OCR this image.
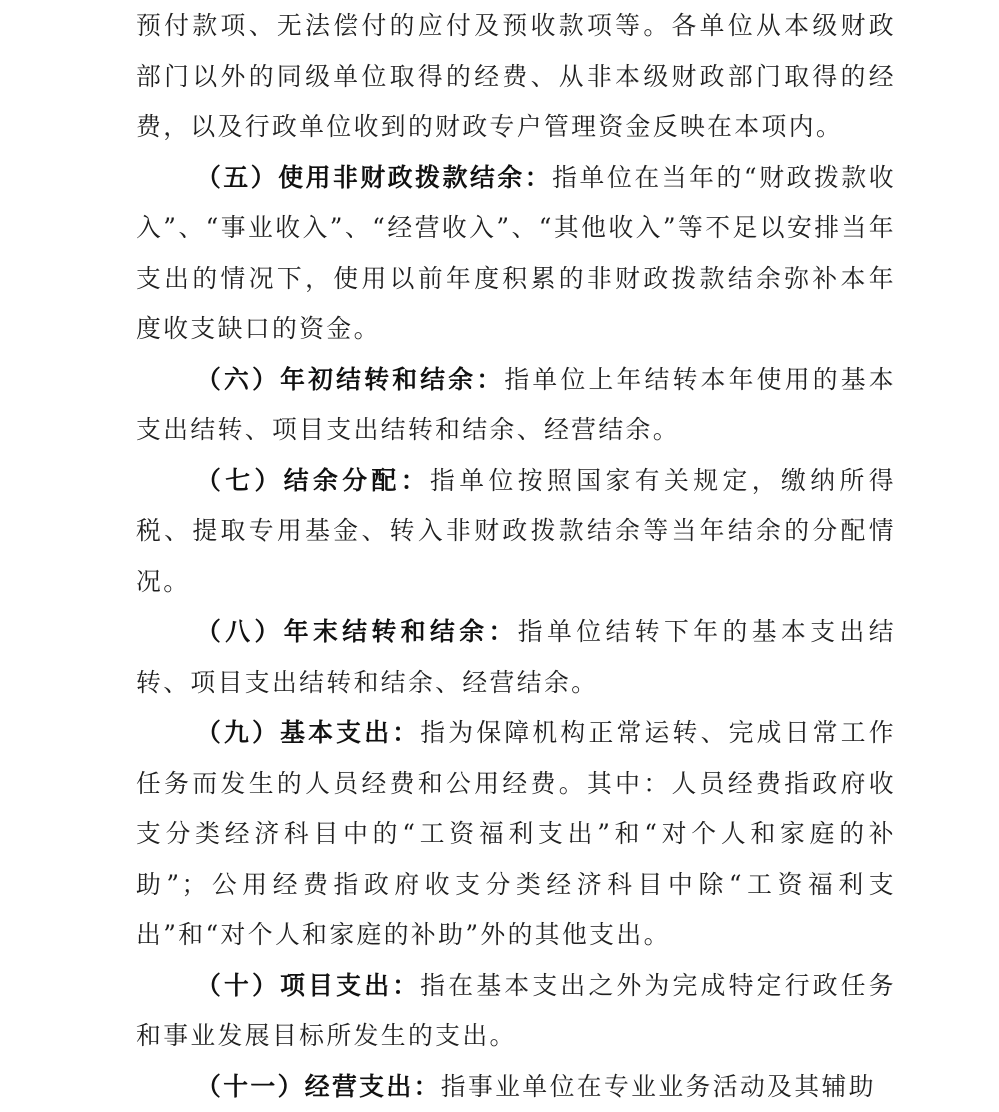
预付款项、无法偿付的应付及预收款项等。各单位从本级财政部门以外的同级单位取得的经费、从非本级财政部门取得的经费，以及行政单位收到的财政专户管理资金反映在本项内。

（五）使用非财政拨款结余：指单位在当年的“财政拨款收入”、“事业收入”、“经营收入”、“其他收入”等不足以安排当年支出的情况下，使用以前年度积累的非财政拨款结余弥补本年度收支缺口的资金。

（六）年初结转和结余：指单位上年结转本年使用的基本支出结转、项目支出结转和结余、经营结余。

（七）结余分配：指单位按照国家有关规定，缴纳所得税、提取专用基金、转入非财政拨款结余等当年结余的分配情况。

（八）年末结转和结余：指单位结转下年的基本支出结转、项目支出结转和结余、经营结余。

（九）基本支出：指为保障机构正常运转、完成日常工作任务而发生的人员经费和公用经费。其中：人员经费指政府收支分类经济科目中的“工资福利支出”和“对个人和家庭的补助”；公用经费指政府收支分类经济科目中除“工资福利支出”和“对个人和家庭的补助”外的其他支出。

（十）项目支出：指在基本支出之外为完成特定行政任务和事业发展目标所发生的支出。

（十一）经营支出：指事业单位在专业业务活动及其辅助
